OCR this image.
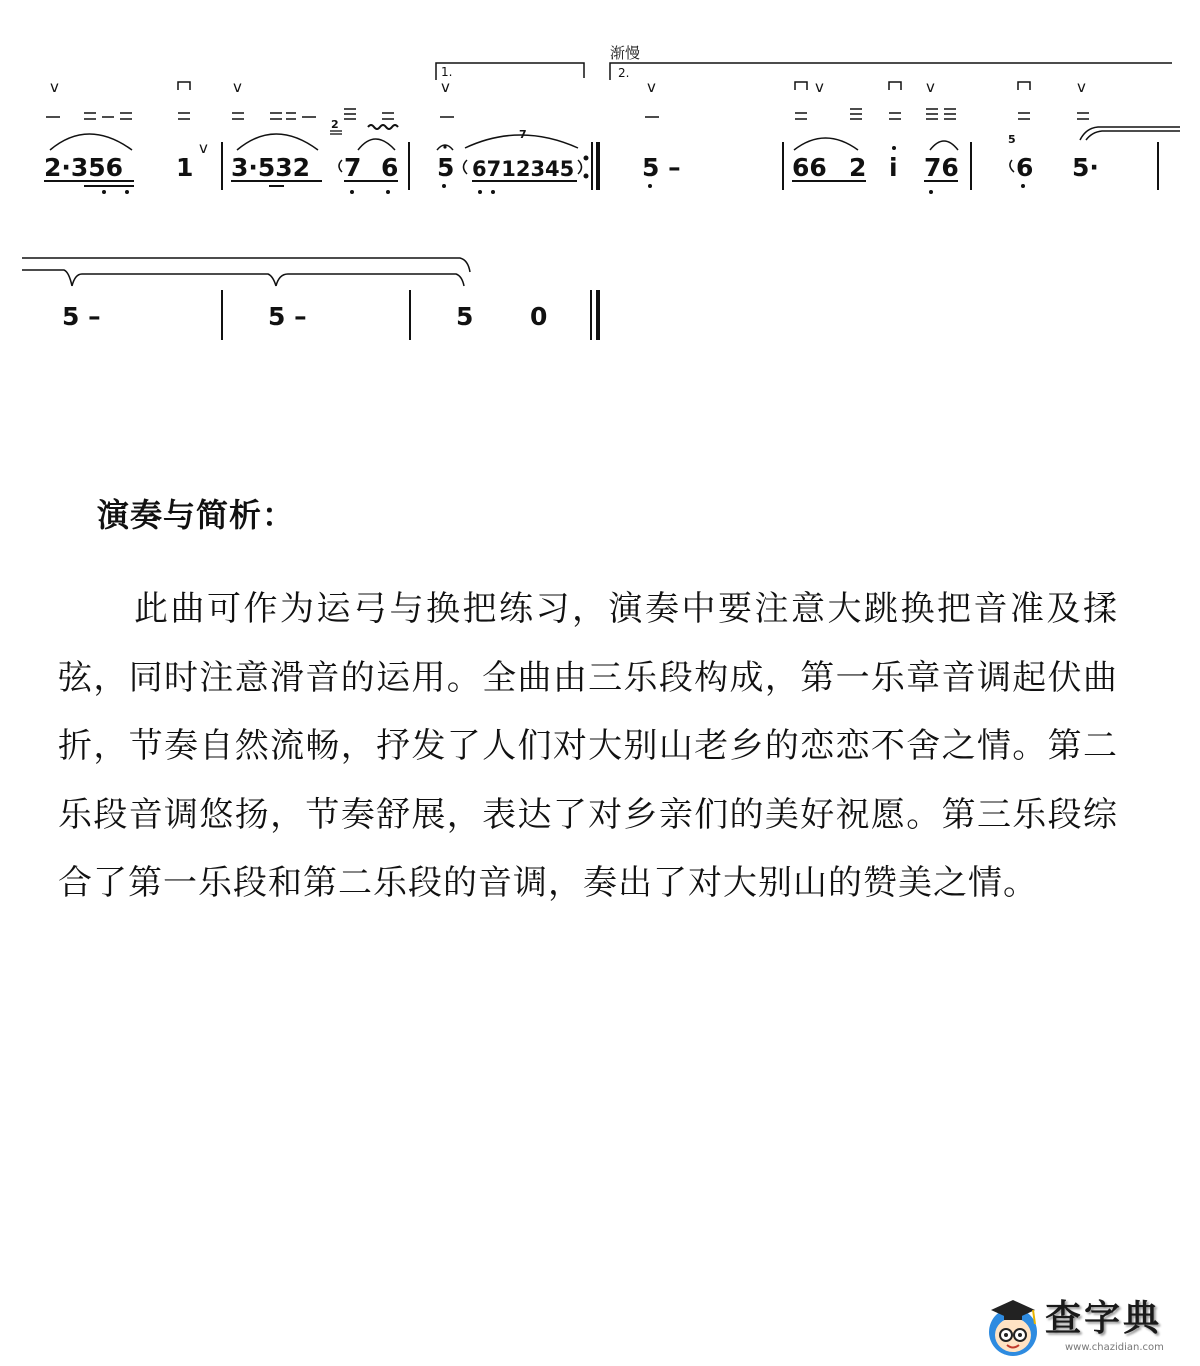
1.	2.
渐慢
v	v	v	v	v	v	v
v
2
5
7
2·356 1 3·532 7 6 5 6712345	5 –	66 2 i 76 6 5·
5 –	5 –	5 0
演奏与简析：

此曲可作为运弓与换把练习，演奏中要注意大跳换把音准及揉弦，同时注意滑音的运用。全曲由三乐段构成，第一乐章音调起伏曲折，节奏自然流畅，抒发了人们对大别山老乡的恋恋不舍之情。第二乐段音调悠扬，节奏舒展，表达了对乡亲们的美好祝愿。第三乐段综合了第一乐段和第二乐段的音调，奏出了对大别山的赞美之情。

查字典
www.chazidian.com
